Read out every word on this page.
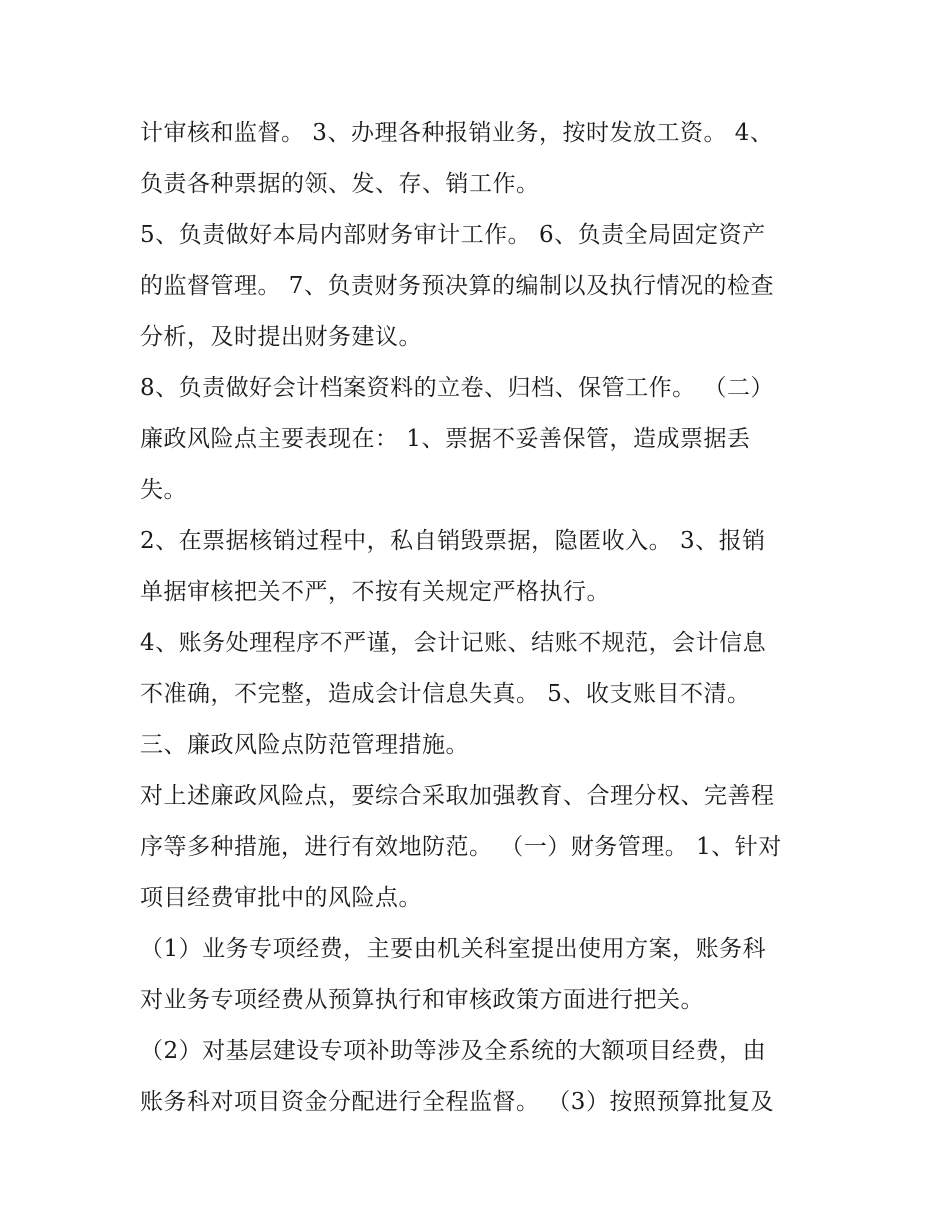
计审核和监督。 3、办理各种报销业务，按时发放工资。 4、
负责各种票据的领、发、存、销工作。
5、负责做好本局内部财务审计工作。 6、负责全局固定资产
的监督管理。 7、负责财务预决算的编制以及执行情况的检查
分析，及时提出财务建议。
8、负责做好会计档案资料的立卷、归档、保管工作。 （二）
廉政风险点主要表现在： 1、票据不妥善保管，造成票据丢
失。
2、在票据核销过程中，私自销毁票据，隐匿收入。 3、报销
单据审核把关不严，不按有关规定严格执行。
4、账务处理程序不严谨，会计记账、结账不规范，会计信息
不准确，不完整，造成会计信息失真。 5、收支账目不清。
三、廉政风险点防范管理措施。
对上述廉政风险点，要综合采取加强教育、合理分权、完善程
序等多种措施，进行有效地防范。 （一）财务管理。 1、针对
项目经费审批中的风险点。
（1）业务专项经费，主要由机关科室提出使用方案，账务科
对业务专项经费从预算执行和审核政策方面进行把关。
（2）对基层建设专项补助等涉及全系统的大额项目经费，由
账务科对项目资金分配进行全程监督。 （3）按照预算批复及
